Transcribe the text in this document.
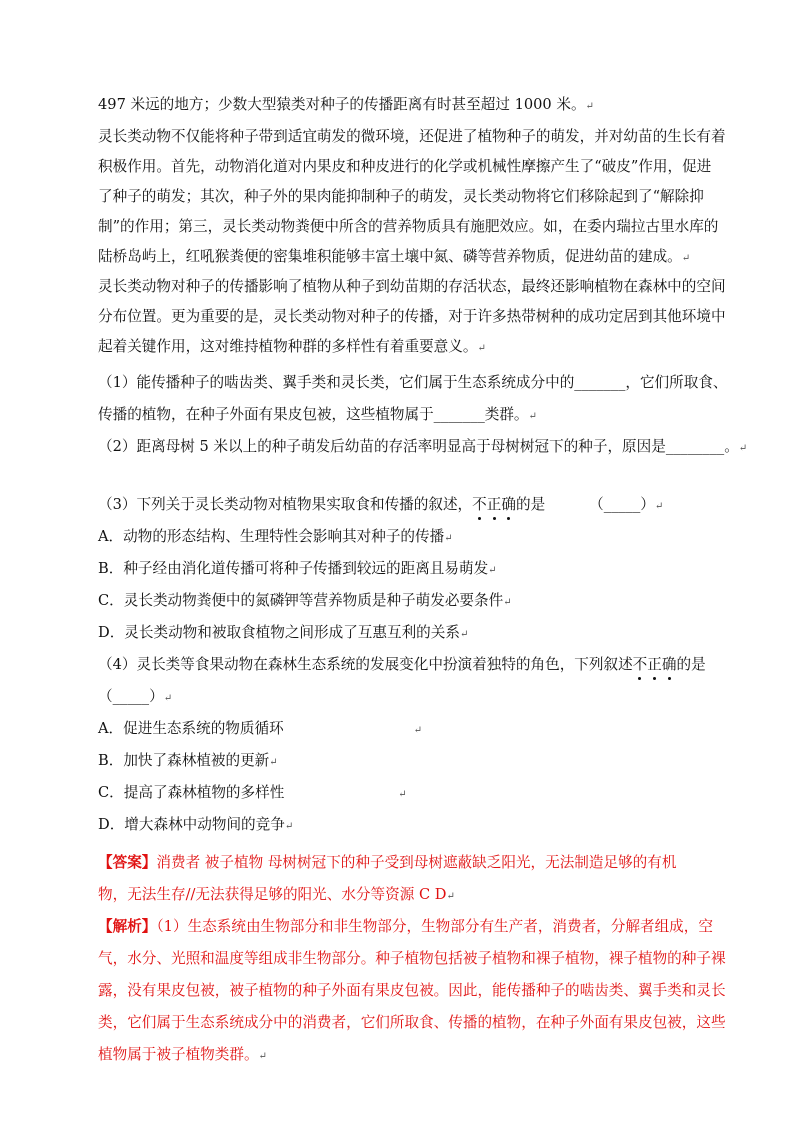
497 米远的地方；少数大型猿类对种子的传播距离有时甚至超过 1000 米。↵
灵长类动物不仅能将种子带到适宜萌发的微环境，还促进了植物种子的萌发，并对幼苗的生长有着
积极作用。首先，动物消化道对内果皮和种皮进行的化学或机械性摩擦产生了“破皮”作用，促进
了种子的萌发；其次，种子外的果肉能抑制种子的萌发，灵长类动物将它们移除起到了“解除抑
制”的作用；第三，灵长类动物粪便中所含的营养物质具有施肥效应。如，在委内瑞拉古里水库的
陆桥岛屿上，红吼猴粪便的密集堆积能够丰富土壤中氮、磷等营养物质，促进幼苗的建成。↵
灵长类动物对种子的传播影响了植物从种子到幼苗期的存活状态，最终还影响植物在森林中的空间
分布位置。更为重要的是，灵长类动物对种子的传播，对于许多热带树种的成功定居到其他环境中
起着关键作用，这对维持植物种群的多样性有着重要意义。↵
（1）能传播种子的啮齿类、翼手类和灵长类，它们属于生态系统成分中的_______，它们所取食、
传播的植物，在种子外面有果皮包被，这些植物属于_______类群。↵
（2）距离母树 5 米以上的种子萌发后幼苗的存活率明显高于母树树冠下的种子，原因是________。↵
（3）下列关于灵长类动物对植物果实取食和传播的叙述，不正确的是	（_____）↵
A．动物的形态结构、生理特性会影响其对种子的传播↵
B．种子经由消化道传播可将种子传播到较远的距离且易萌发↵
C．灵长类动物粪便中的氮磷钾等营养物质是种子萌发必要条件↵
D．灵长类动物和被取食植物之间形成了互惠互利的关系↵
（4）灵长类等食果动物在森林生态系统的发展变化中扮演着独特的角色，下列叙述不正确的是
（_____）↵
A．促进生态系统的物质循环	↵
B．加快了森林植被的更新↵
C．提高了森林植物的多样性	↵
D．增大森林中动物间的竞争↵
【答案】消费者 被子植物 母树树冠下的种子受到母树遮蔽缺乏阳光，无法制造足够的有机
物，无法生存//无法获得足够的阳光、水分等资源 C D↵
【解析】（1）生态系统由生物部分和非生物部分，生物部分有生产者，消费者，分解者组成，空
气，水分、光照和温度等组成非生物部分。种子植物包括被子植物和裸子植物，裸子植物的种子裸
露，没有果皮包被，被子植物的种子外面有果皮包被。因此，能传播种子的啮齿类、翼手类和灵长
类，它们属于生态系统成分中的消费者，它们所取食、传播的植物，在种子外面有果皮包被，这些
植物属于被子植物类群。↵
